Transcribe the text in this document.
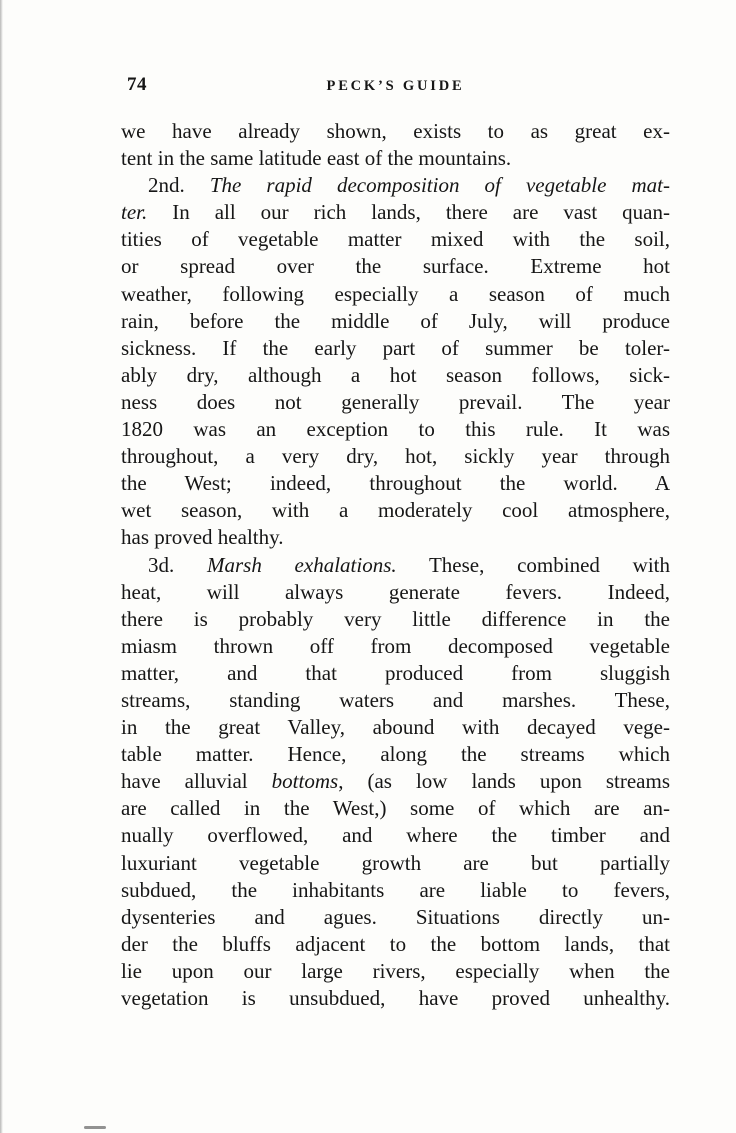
74	PECK’S GUIDE
we have already shown, exists to as great ex-
tent in the same latitude east of the mountains.
2nd. The rapid decomposition of vegetable mat-
ter. In all our rich lands, there are vast quan-
tities of vegetable matter mixed with the soil,
or spread over the surface. Extreme hot
weather, following especially a season of much
rain, before the middle of July, will produce
sickness. If the early part of summer be toler-
ably dry, although a hot season follows, sick-
ness does not generally prevail. The year
1820 was an exception to this rule. It was
throughout, a very dry, hot, sickly year through
the West; indeed, throughout the world. A
wet season, with a moderately cool atmosphere,
has proved healthy.
3d. Marsh exhalations. These, combined with
heat, will always generate fevers. Indeed,
there is probably very little difference in the
miasm thrown off from decomposed vegetable
matter, and that produced from sluggish
streams, standing waters and marshes. These,
in the great Valley, abound with decayed vege-
table matter. Hence, along the streams which
have alluvial bottoms, (as low lands upon streams
are called in the West,) some of which are an-
nually overflowed, and where the timber and
luxuriant vegetable growth are but partially
subdued, the inhabitants are liable to fevers,
dysenteries and agues. Situations directly un-
der the bluffs adjacent to the bottom lands, that
lie upon our large rivers, especially when the
vegetation is unsubdued, have proved unhealthy.
